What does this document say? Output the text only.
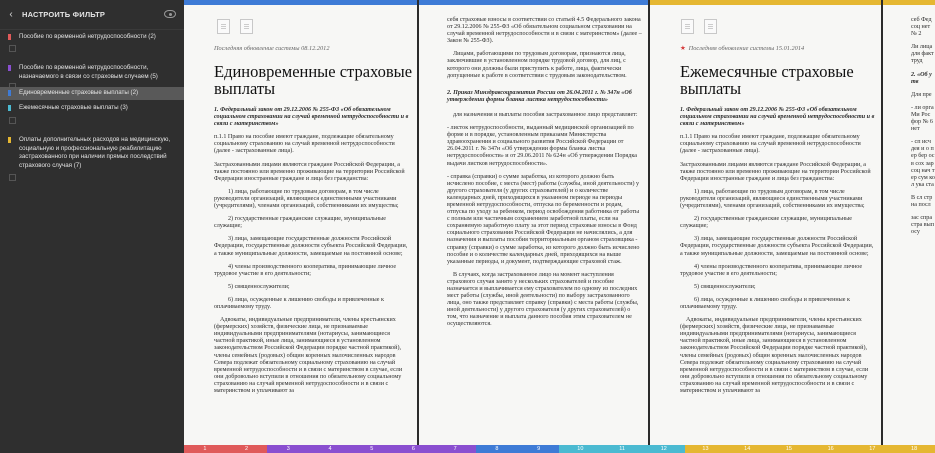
‹	НАСТРОИТЬ ФИЛЬТР
Пособие по временной нетрудоспособности (2)
Пособие по временной нетрудоспособности, назначаемого в связи со страховым случаем (5)
Единовременные страховые выплаты (2)
Ежемесячные страховые выплаты (3)
Оплаты дополнительных расходов на медицинскую, социальную и профессиональную реабилитацию застрахованного при наличии прямых последствий страхового случая (7)
Последняя обновление системы 08.12.2012
Единовременные страховые выплаты

1. Федеральный закон от 29.12.2006 № 255-ФЗ «Об обязательном социальном страховании на случай временной нетрудоспособности и в связи с материнством»

п.1.1 Право на пособие имеют граждане, подлежащие обязательному социальному страхованию на случай временной нетрудоспособности (далее - застрахованные лица).

Застрахованными лицами являются граждане Российской Федерации, а также постоянно или временно проживающие на территории Российской Федерации иностранные граждане и лица без гражданства:

1) лица, работающие по трудовым договорам, в том числе руководители организаций, являющиеся единственными участниками (учредителями), членами организаций, собственниками их имущества;

2) государственные гражданские служащие, муниципальные служащие;

3) лица, замещающие государственные должности Российской Федерации, государственные должности субъекта Российской Федерации, а также муниципальные должности, замещаемые на постоянной основе;

4) члены производственного кооператива, принимающие личное трудовое участие в его деятельности;

5) священнослужители;

6) лица, осужденные к лишению свободы и привлеченные к оплачиваемому труду.

Адвокаты, индивидуальные предприниматели, члены крестьянских (фермерских) хозяйств, физические лица, не признаваемые индивидуальными предпринимателями (нотариусы, занимающиеся частной практикой, иные лица, занимающиеся в установленном законодательством Российской Федерации порядке частной практикой), члены семейных (родовых) общин коренных малочисленных народов Севера подлежат обязательному социальному страхованию на случай временной нетрудоспособности и в связи с материнством в случае, если они добровольно вступили в отношения по обязательному социальному страхованию на случай временной нетрудоспособности и в связи с материнством и уплачивают за

себя страховые взносы в соответствии со статьей 4.5 Федерального закона от 29.12.2006 № 255-ФЗ «Об обязательном социальном страховании на случай временной нетрудоспособности и в связи с материнством» (далее – Закон № 255-ФЗ).

Лицами, работающими по трудовым договорам, признаются лица, заключившие в установленном порядке трудовой договор, для лиц, с которого они должны были приступить к работе, лица, фактически допущенные к работе в соответствии с трудовым законодательством.

2. Приказ Минздравсоцразвития России от 26.04.2011 г. № 347н «Об утверждении формы бланка листка нетрудоспособности»

для назначения и выплаты пособия застрахованное лицо представляет:

- листок нетрудоспособности, выданный медицинской организацией по форме и в порядке, установленным приказами Министерства здравоохранения и социального развития Российской Федерации от 26.04.2011 г. № 347н «Об утверждении формы бланка листка нетрудоспособности» и от 29.06.2011 № 624н «Об утверждении Порядка выдачи листков нетрудоспособности».

- справка (справки) о сумме заработка, из которого должно быть исчислено пособие, с места (мест) работы (службы, иной деятельности) у другого страхователя (у других страхователей) и о количестве календарных дней, приходящихся в указанном периоде на периоды временной нетрудоспособности, отпуска по беременности и родам, отпуска по уходу за ребенком, период освобождения работника от работы с полным или частичным сохранением заработной платы, если на сохраняемую заработную плату за этот период страховые взносы в Фонд социального страхования Российской Федерации не начислялись, а для назначения и выплаты пособия территориальным органом страховщика - справку (справки) о сумме заработка, из которого должно быть исчислено пособие и о количестве календарных дней, приходящихся на выше указанные периоды, и документ, подтверждающие страховой стаж.

В случаях, когда застрахованное лицо на момент наступления страхового случая занято у нескольких страхователей и пособие назначается и выплачивается ему страхователем по одному из последних мест работы (службы, иной деятельности) по выбору застрахованного лица, оно также представляет справку (справки) с места работы (службы, иной деятельности) у другого страхователя (у других страхователей) о том, что назначение и выплата данного пособия этим страхователем не осуществляются.

★ Последняя обновление системы 15.01.2014
Ежемесячные страховые выплаты

1. Федеральный закон от 29.12.2006 № 255-ФЗ «Об обязательном социальном страховании на случай временной нетрудоспособности и в связи с материнством»

п.1.1 Право на пособие имеют граждане, подлежащие обязательному социальному страхованию на случай временной нетрудоспособности (далее - застрахованные лица).

Застрахованными лицами являются граждане Российской Федерации, а также постоянно или временно проживающие на территории Российской Федерации иностранные граждане и лица без гражданства:

1) лица, работающие по трудовым договорам, в том числе руководители организаций, являющиеся единственными участниками (учредителями), членами организаций, собственниками их имущества;

2) государственные гражданские служащие, муниципальные служащие;

3) лица, замещающие государственные должности Российской Федерации, государственные должности субъекта Российской Федерации, а также муниципальные должности, замещаемые на постоянной основе;

4) члены производственного кооператива, принимающие личное трудовое участие в его деятельности;

5) священнослужители;

6) лица, осужденные к лишению свободы и привлеченные к оплачиваемому труду.

Адвокаты, индивидуальные предприниматели, члены крестьянских (фермерских) хозяйств, физические лица, не признаваемые индивидуальными предпринимателями (нотариусы, занимающиеся частной практикой, иные лица, занимающиеся в установленном законодательством Российской Федерации порядке частной практикой), члены семейных (родовых) общин коренных малочисленных народов Севера подлежат обязательному социальному страхованию на случай временной нетрудоспособности и в связи с материнством в случае, если они добровольно вступили в отношения по обязательному социальному страхованию на случай временной нетрудоспособности и в связи с материнством и уплачивают за

себ Фед соц нет № 2

Ли лица для факт труд

2. «Об утв

Для пре

- ли орга Ми Рос фор № 6 нет

- сп исч дея и о пер бер осв сох зар соц нач тер сум кол ука ста

В сл стр на посл

зас спра стра вып осу

1	2	3	4	5	6	7	8	9	10	11	12	13	14	15	16	17	18
